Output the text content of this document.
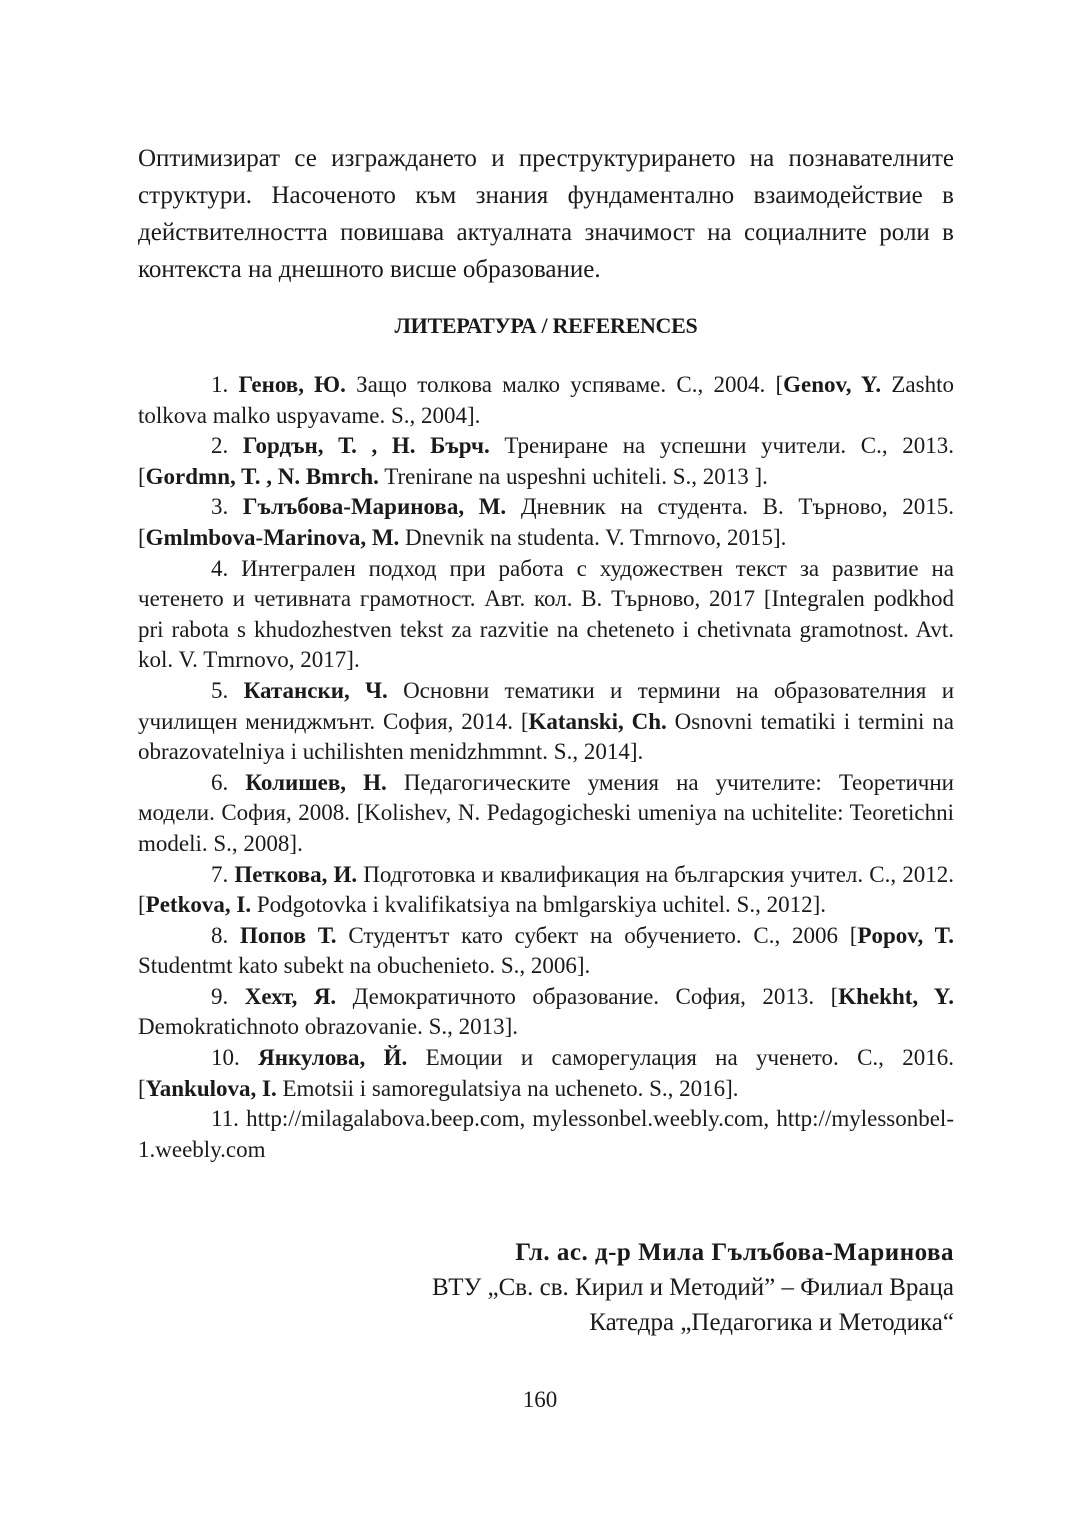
Оптимизират се изграждането и преструктурирането на познавателните структури. Насоченото към знания фундаментално взаимодействие в действителността повишава актуалната значимост на социалните роли в контекста на днешното висше образование.

ЛИТЕРАТУРА / REFERENCES

1. Генов, Ю. Защо толкова малко успяваме. С., 2004. [Genov, Y. Zashto tolkova malko uspyavame. S., 2004].

2. Гордън, Т. , Н. Бърч. Трениране на успешни учители. С., 2013. [Gordmn, T. , N. Bmrch. Trenirane na uspeshni uchiteli. S., 2013 ].

3. Гълъбова-Маринова, М. Дневник на студента. В. Търново, 2015. [Gmlmbova-Marinova, M. Dnevnik na studenta. V. Tmrnovo, 2015].

4. Интегрален подход при работа с художествен текст за развитие на четенето и четивната грамотност. Авт. кол. В. Търново, 2017 [Integralen podkhod pri rabota s khudozhestven tekst za razvitie na cheteneto i chetivnata gramotnost. Avt. kol. V. Tmrnovo, 2017].

5. Катански, Ч. Основни тематики и термини на образователния и училищен мениджмънт. София, 2014. [Katanski, Ch. Osnovni tematiki i termini na obrazovatelniya i uchilishten menidzhmmnt. S., 2014].

6. Колишев, Н. Педагогическите умения на учителите: Теоретични модели. София, 2008. [Kolishev, N. Pedagogicheski umeniya na uchitelite: Teoretichni modeli. S., 2008].

7. Петкова, И. Подготовка и квалификация на българския учител. С., 2012. [Petkova, I. Podgotovka i kvalifikatsiya na bmlgarskiya uchitel. S., 2012].

8. Попов Т. Студентът като субект на обучението. С., 2006 [Popov, T. Studentmt kato subekt na obuchenieto. S., 2006].

9. Хехт, Я. Демократичното образование. София, 2013. [Khekht, Y. Demokratichnoto obrazovanie. S., 2013].

10. Янкулова, Й. Емоции и саморегулация на ученето. С., 2016. [Yankulova, I. Emotsii i samoregulatsiya na ucheneto. S., 2016].

11. http://milagalabova.beep.com, mylessonbel.weebly.com, http://mylessonbel-1.weebly.com

Гл. ас. д-р Мила Гълъбова-Маринова
ВТУ „Св. св. Кирил и Методий” – Филиал Враца
Катедра „Педагогика и Методика“
160
